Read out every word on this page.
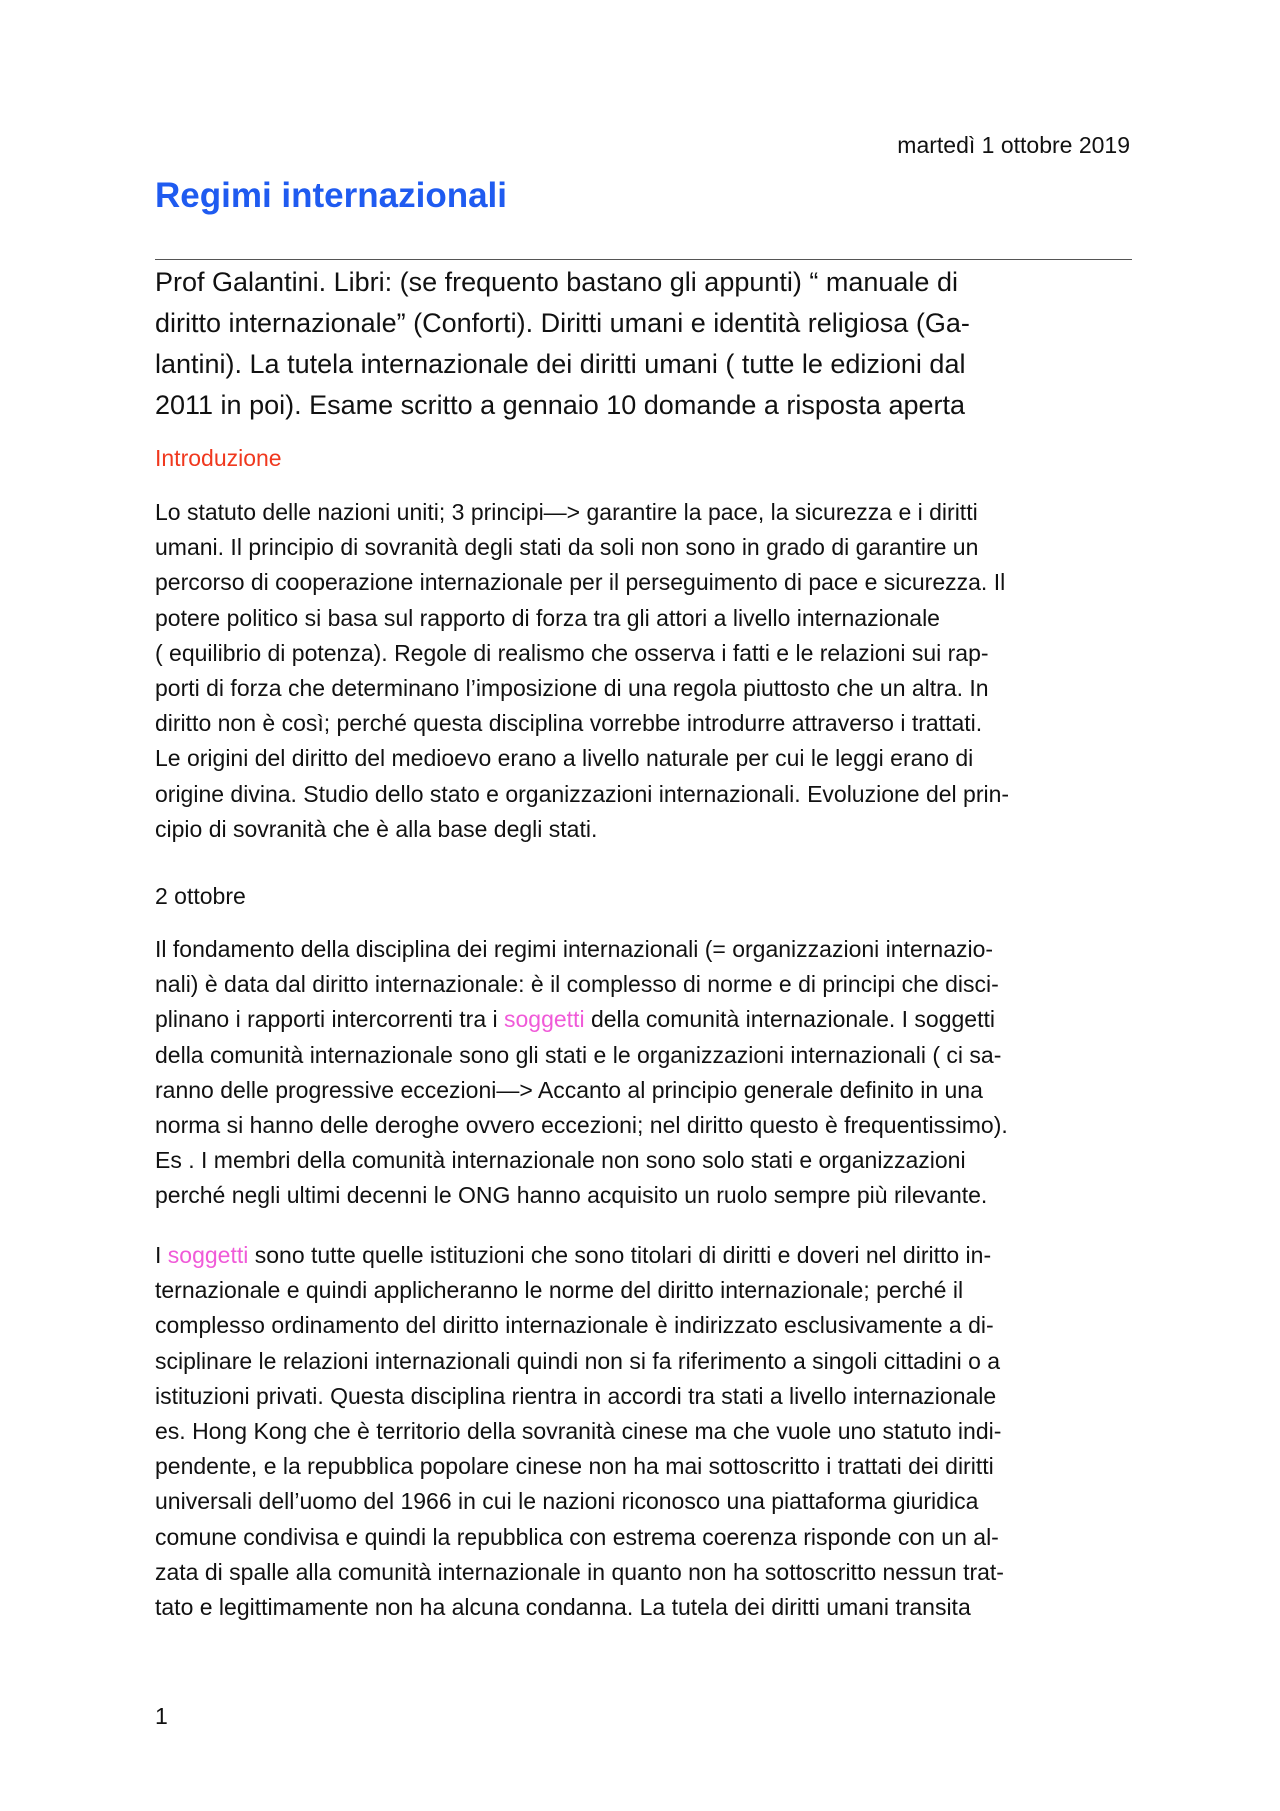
martedì 1 ottobre 2019
Regimi internazionali

Prof Galantini. Libri: (se frequento bastano gli appunti) “ manuale di
diritto internazionale” (Conforti). Diritti umani e identità religiosa (Ga-
lantini). La tutela internazionale dei diritti umani ( tutte le edizioni dal
2011 in poi). Esame scritto a gennaio 10 domande a risposta aperta

Introduzione

Lo statuto delle nazioni uniti; 3 principi—> garantire la pace, la sicurezza e i diritti
umani. Il principio di sovranità degli stati da soli non sono in grado di garantire un
percorso di cooperazione internazionale per il perseguimento di pace e sicurezza. Il
potere politico si basa sul rapporto di forza tra gli attori a livello internazionale
( equilibrio di potenza). Regole di realismo che osserva i fatti e le relazioni sui rap-
porti di forza che determinano l’imposizione di una regola piuttosto che un altra. In
diritto non è così; perché questa disciplina vorrebbe introdurre attraverso i trattati.
Le origini del diritto del medioevo erano a livello naturale per cui le leggi erano di
origine divina. Studio dello stato e organizzazioni internazionali. Evoluzione del prin-
cipio di sovranità che è alla base degli stati.

2 ottobre

Il fondamento della disciplina dei regimi internazionali (= organizzazioni internazio-
nali) è data dal diritto internazionale: è il complesso di norme e di principi che disci-
plinano i rapporti intercorrenti tra i soggetti della comunità internazionale. I soggetti
della comunità internazionale sono gli stati e le organizzazioni internazionali ( ci sa-
ranno delle progressive eccezioni—> Accanto al principio generale definito in una
norma si hanno delle deroghe ovvero eccezioni; nel diritto questo è frequentissimo).
Es . I membri della comunità internazionale non sono solo stati e organizzazioni
perché negli ultimi decenni le ONG hanno acquisito un ruolo sempre più rilevante.

I soggetti sono tutte quelle istituzioni che sono titolari di diritti e doveri nel diritto in-
ternazionale e quindi applicheranno le norme del diritto internazionale; perché il
complesso ordinamento del diritto internazionale è indirizzato esclusivamente a di-
sciplinare le relazioni internazionali quindi non si fa riferimento a singoli cittadini o a
istituzioni privati. Questa disciplina rientra in accordi tra stati a livello internazionale
es. Hong Kong che è territorio della sovranità cinese ma che vuole uno statuto indi-
pendente, e la repubblica popolare cinese non ha mai sottoscritto i trattati dei diritti
universali dell’uomo del 1966 in cui le nazioni riconosco una piattaforma giuridica
comune condivisa e quindi la repubblica con estrema coerenza risponde con un al-
zata di spalle alla comunità internazionale in quanto non ha sottoscritto nessun trat-
tato e legittimamente non ha alcuna condanna. La tutela dei diritti umani transita

1
